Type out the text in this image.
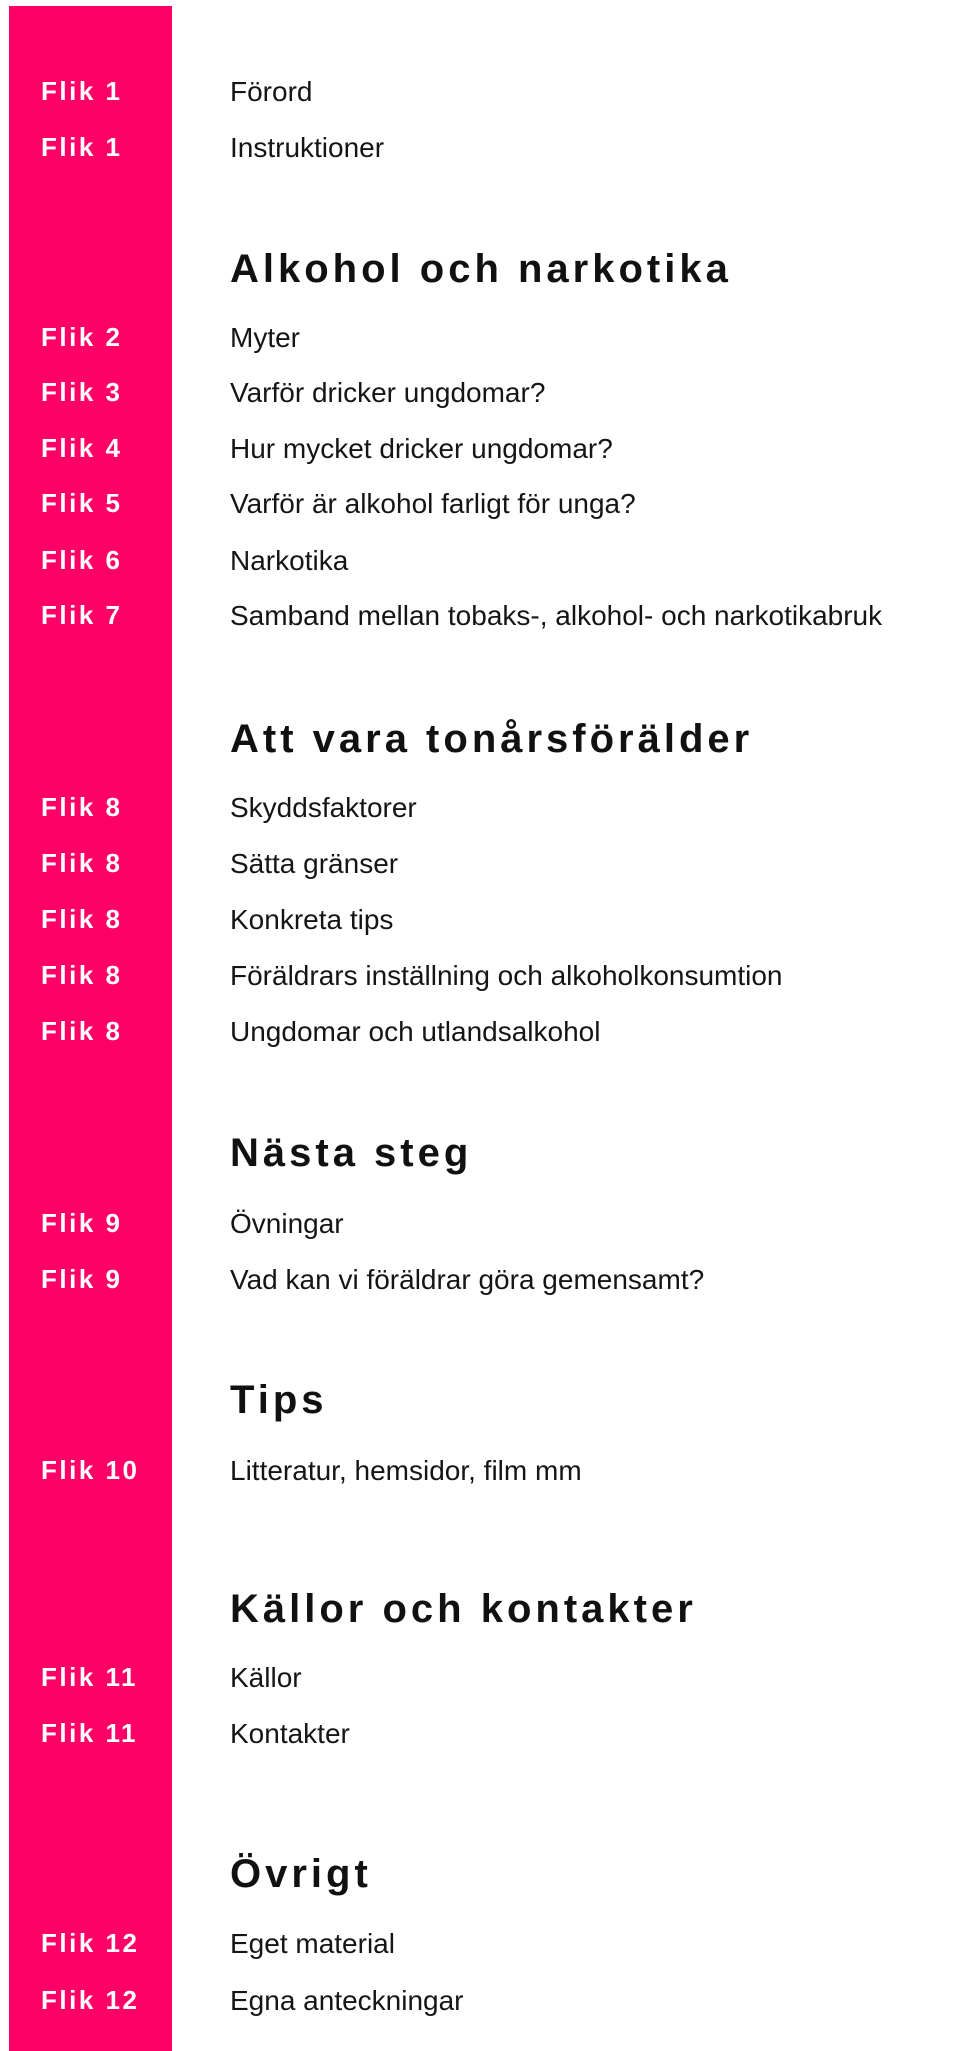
Flik 1	Förord
Flik 1	Instruktioner
Alkohol och narkotika
Flik 2	Myter
Flik 3	Varför dricker ungdomar?
Flik 4	Hur mycket dricker ungdomar?
Flik 5	Varför är alkohol farligt för unga?
Flik 6	Narkotika
Flik 7	Samband mellan tobaks-, alkohol- och narkotikabruk
Att vara tonårsförälder
Flik 8	Skyddsfaktorer
Flik 8	Sätta gränser
Flik 8	Konkreta tips
Flik 8	Föräldrars inställning och alkoholkonsumtion
Flik 8	Ungdomar och utlandsalkohol
Nästa steg
Flik 9	Övningar
Flik 9	Vad kan vi föräldrar göra gemensamt?
Tips
Flik 10	Litteratur, hemsidor, film mm
Källor och kontakter
Flik 11	Källor
Flik 11	Kontakter
Övrigt
Flik 12	Eget material
Flik 12	Egna anteckningar
